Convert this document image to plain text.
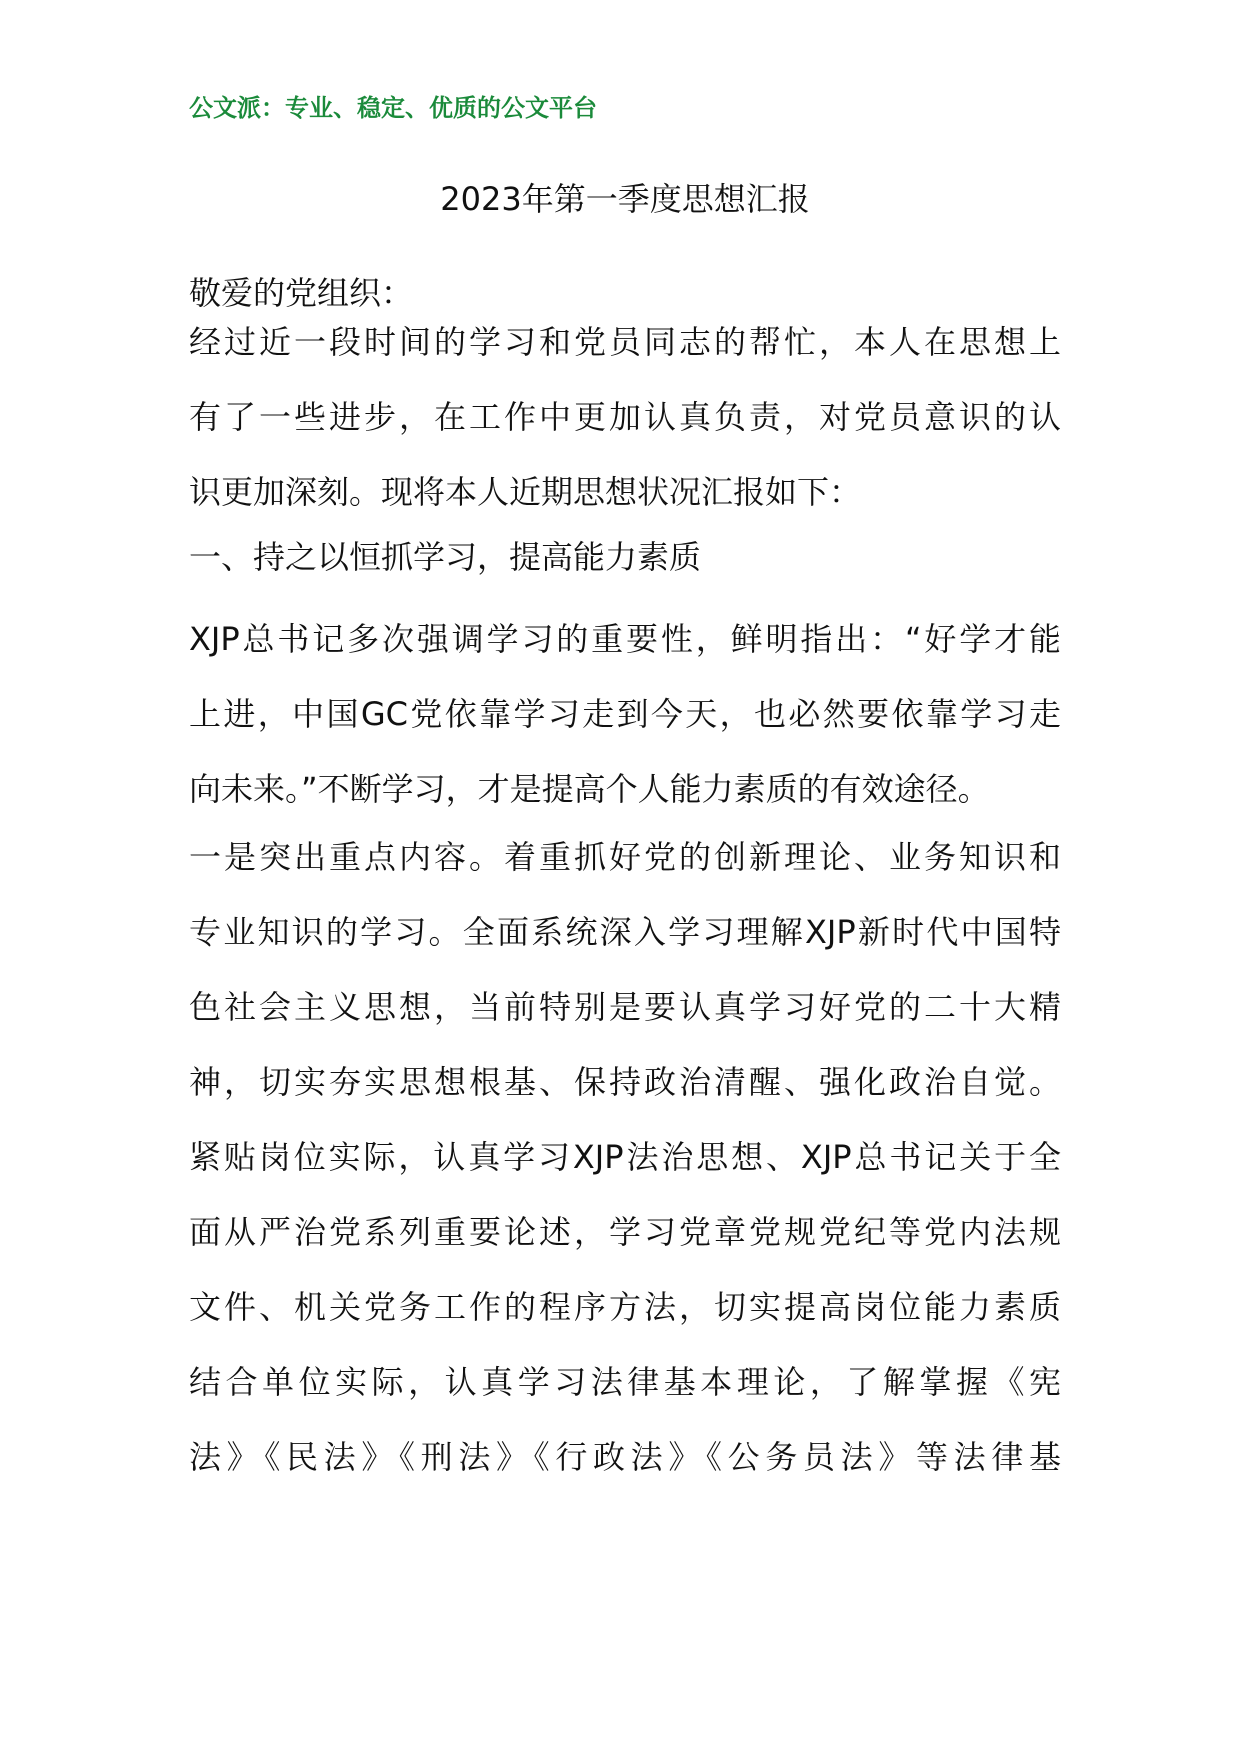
公文派：专业、稳定、优质的公文平台
2023年第一季度思想汇报
敬爱的党组织：

经过近一段时间的学习和党员同志的帮忙，本人在思想上
有了一些进步，在工作中更加认真负责，对党员意识的认
识更加深刻。现将本人近期思想状况汇报如下：

一、持之以恒抓学习，提高能力素质

XJP总书记多次强调学习的重要性，鲜明指出：“好学才能
上进，中国GC党依靠学习走到今天，也必然要依靠学习走
向未来。”不断学习，才是提高个人能力素质的有效途径。

一是突出重点内容。着重抓好党的创新理论、业务知识和
专业知识的学习。全面系统深入学习理解XJP新时代中国特
色社会主义思想，当前特别是要认真学习好党的二十大精
神，切实夯实思想根基、保持政治清醒、强化政治自觉。
紧贴岗位实际，认真学习XJP法治思想、XJP总书记关于全
面从严治党系列重要论述，学习党章党规党纪等党内法规
文件、机关党务工作的程序方法，切实提高岗位能力素质
结合单位实际，认真学习法律基本理论，了解掌握《宪
法》《民法》《刑法》《行政法》《公务员法》等法律基
